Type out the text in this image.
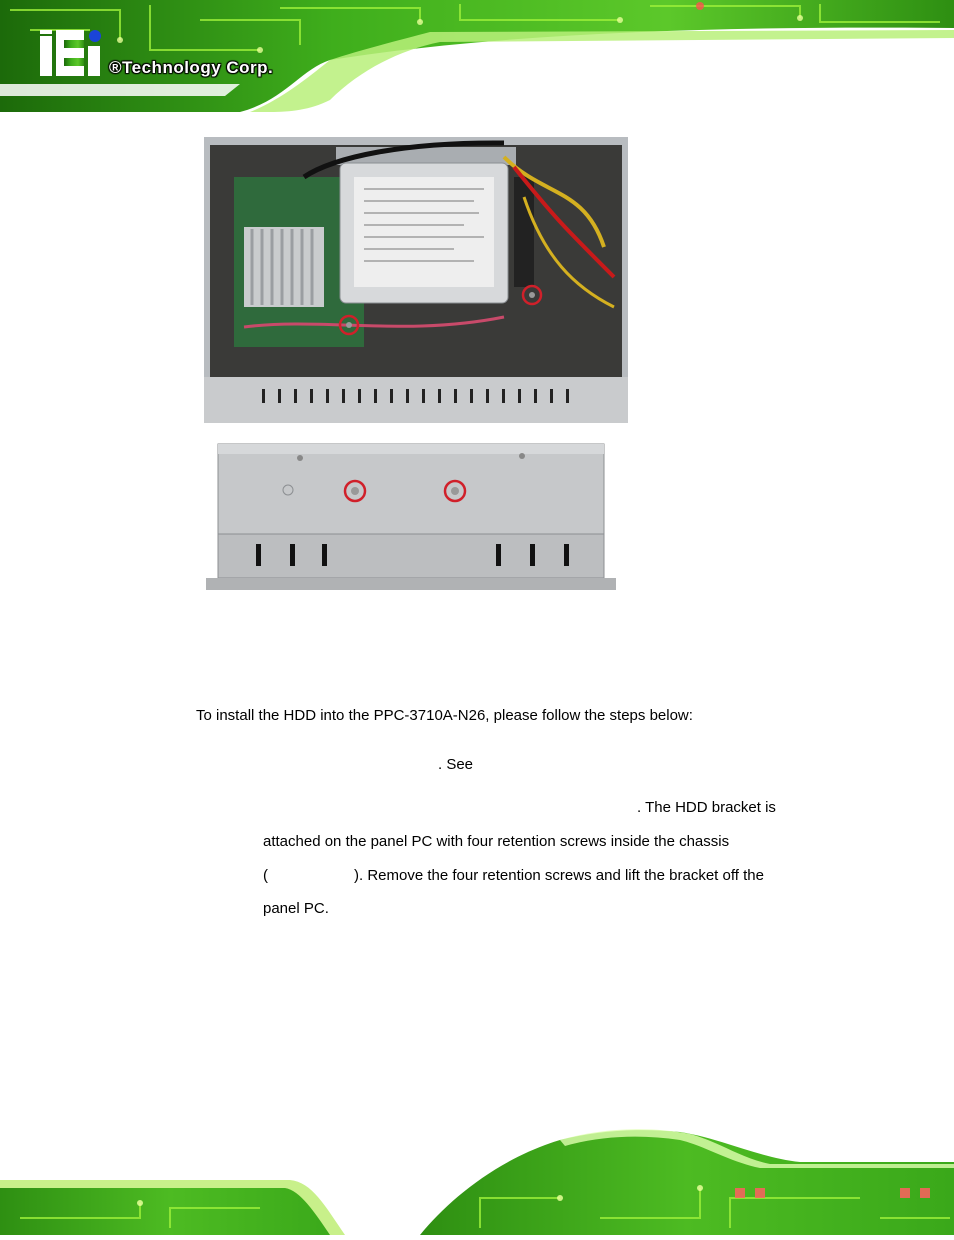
®Technology Corp.
To install the HDD into the PPC-3710A-N26, please follow the steps below:
. See
. The HDD bracket is
attached on the panel PC with four retention screws inside the chassis
(	). Remove the four retention screws and lift the bracket off the
panel PC.
